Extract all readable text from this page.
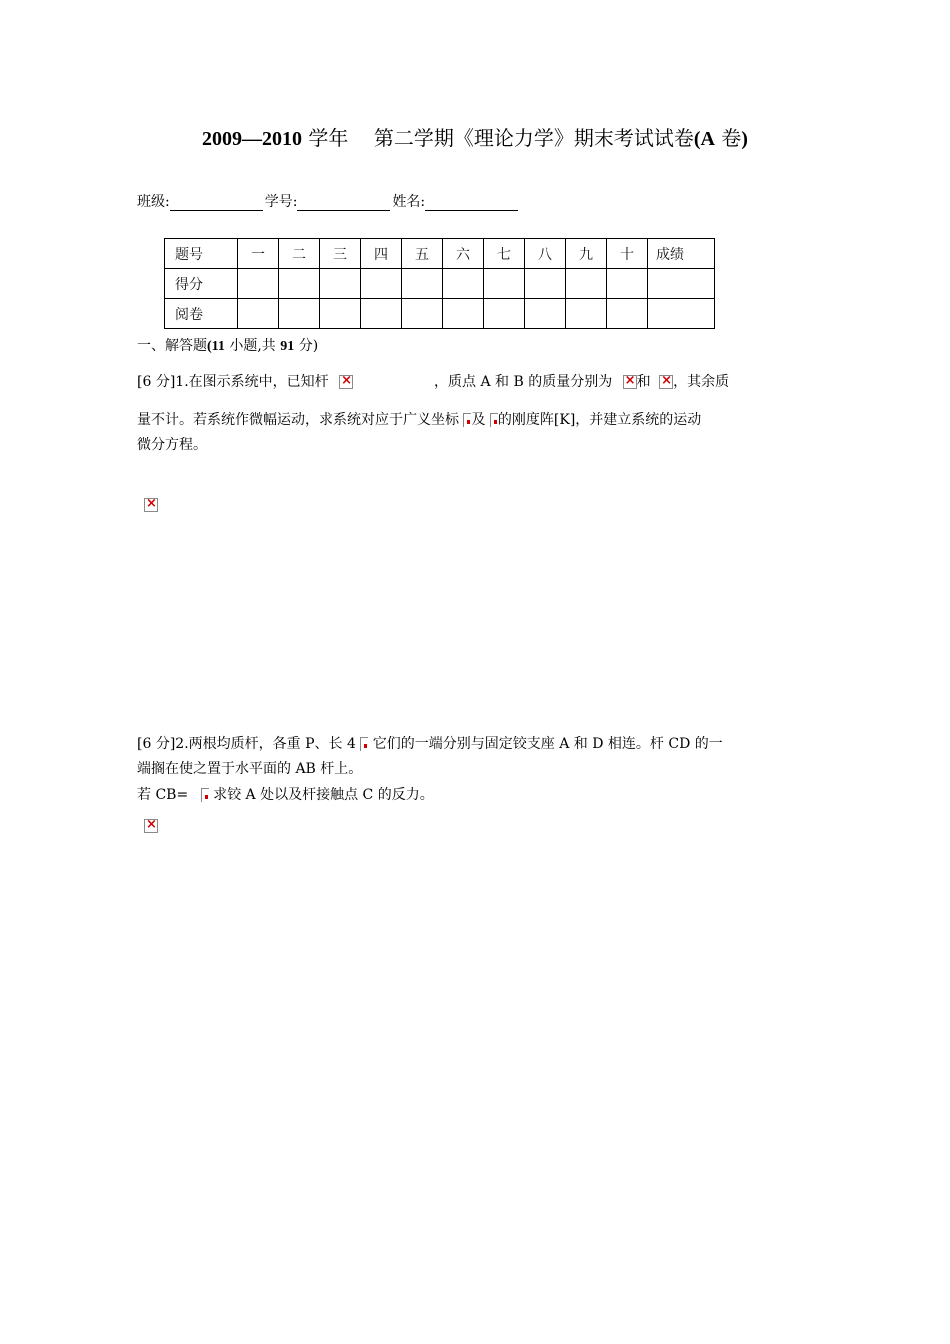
2009—2010 学年    第二学期《理论力学》期末考试试卷(A 卷)
班级:	学号:	姓名:
题号	一	二	三	四	五	六	七	八	九	十	成绩
得分											
阅卷											
一、解答题(11 小题,共 91 分)
[6 分]1.在图示系统中，已知杆 ×	，质点 A 和 B 的质量分别为 × 和 × ，其余质
量不计。若系统作微幅运动，求系统对应于广义坐标 及 的刚度阵[K]，并建立系统的运动
微分方程。
×
[6 分]2.两根均质杆，各重 P、长 4 它们的一端分别与固定铰支座 A 和 D 相连。杆 CD 的一
端搁在使之置于水平面的 AB 杆上。
若 CB= 求铰 A 处以及杆接触点 C 的反力。
×
